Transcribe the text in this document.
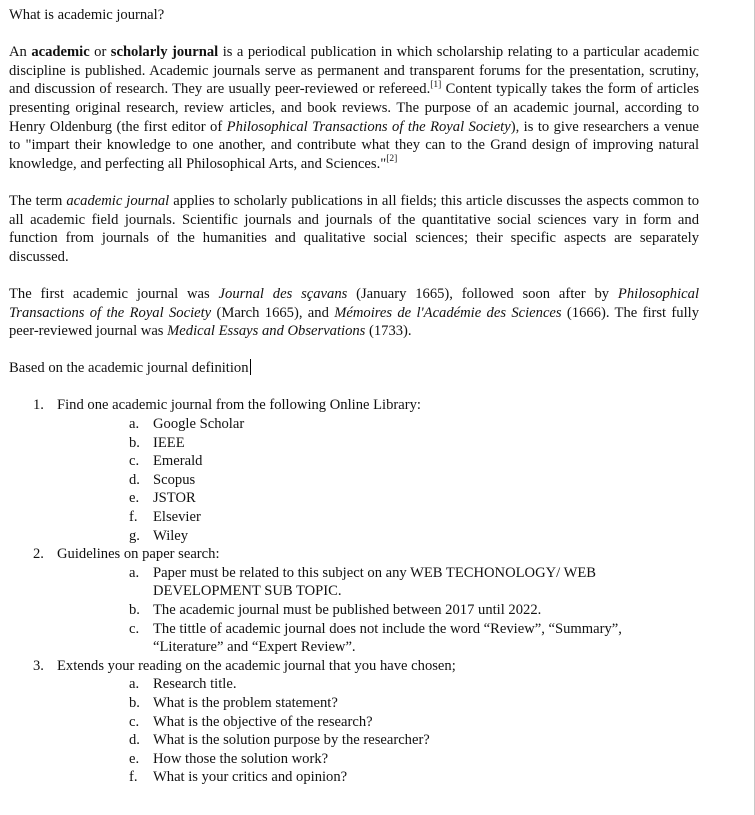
What is academic journal?

An academic or scholarly journal is a periodical publication in which scholarship relating to a particular academic discipline is published. Academic journals serve as permanent and transparent forums for the presentation, scrutiny, and discussion of research. They are usually peer-reviewed or refereed.[1] Content typically takes the form of articles presenting original research, review articles, and book reviews. The purpose of an academic journal, according to Henry Oldenburg (the first editor of Philosophical Transactions of the Royal Society), is to give researchers a venue to "impart their knowledge to one another, and contribute what they can to the Grand design of improving natural knowledge, and perfecting all Philosophical Arts, and Sciences."[2]

The term academic journal applies to scholarly publications in all fields; this article discusses the aspects common to all academic field journals. Scientific journals and journals of the quantitative social sciences vary in form and function from journals of the humanities and qualitative social sciences; their specific aspects are separately discussed.

The first academic journal was Journal des sçavans (January 1665), followed soon after by Philosophical Transactions of the Royal Society (March 1665), and Mémoires de l'Académie des Sciences (1666). The first fully peer-reviewed journal was Medical Essays and Observations (1733).

Based on the academic journal definition

1. Find one academic journal from the following Online Library:
a. Google Scholar
b. IEEE
c. Emerald
d. Scopus
e. JSTOR
f. Elsevier
g. Wiley
2. Guidelines on paper search:
a. Paper must be related to this subject on any WEB TECHONOLOGY/ WEB DEVELOPMENT SUB TOPIC.
b. The academic journal must be published between 2017 until 2022.
c. The tittle of academic journal does not include the word “Review”, “Summary”, “Literature” and “Expert Review”.
3. Extends your reading on the academic journal that you have chosen;
a. Research title.
b. What is the problem statement?
c. What is the objective of the research?
d. What is the solution purpose by the researcher?
e. How those the solution work?
f. What is your critics and opinion?
